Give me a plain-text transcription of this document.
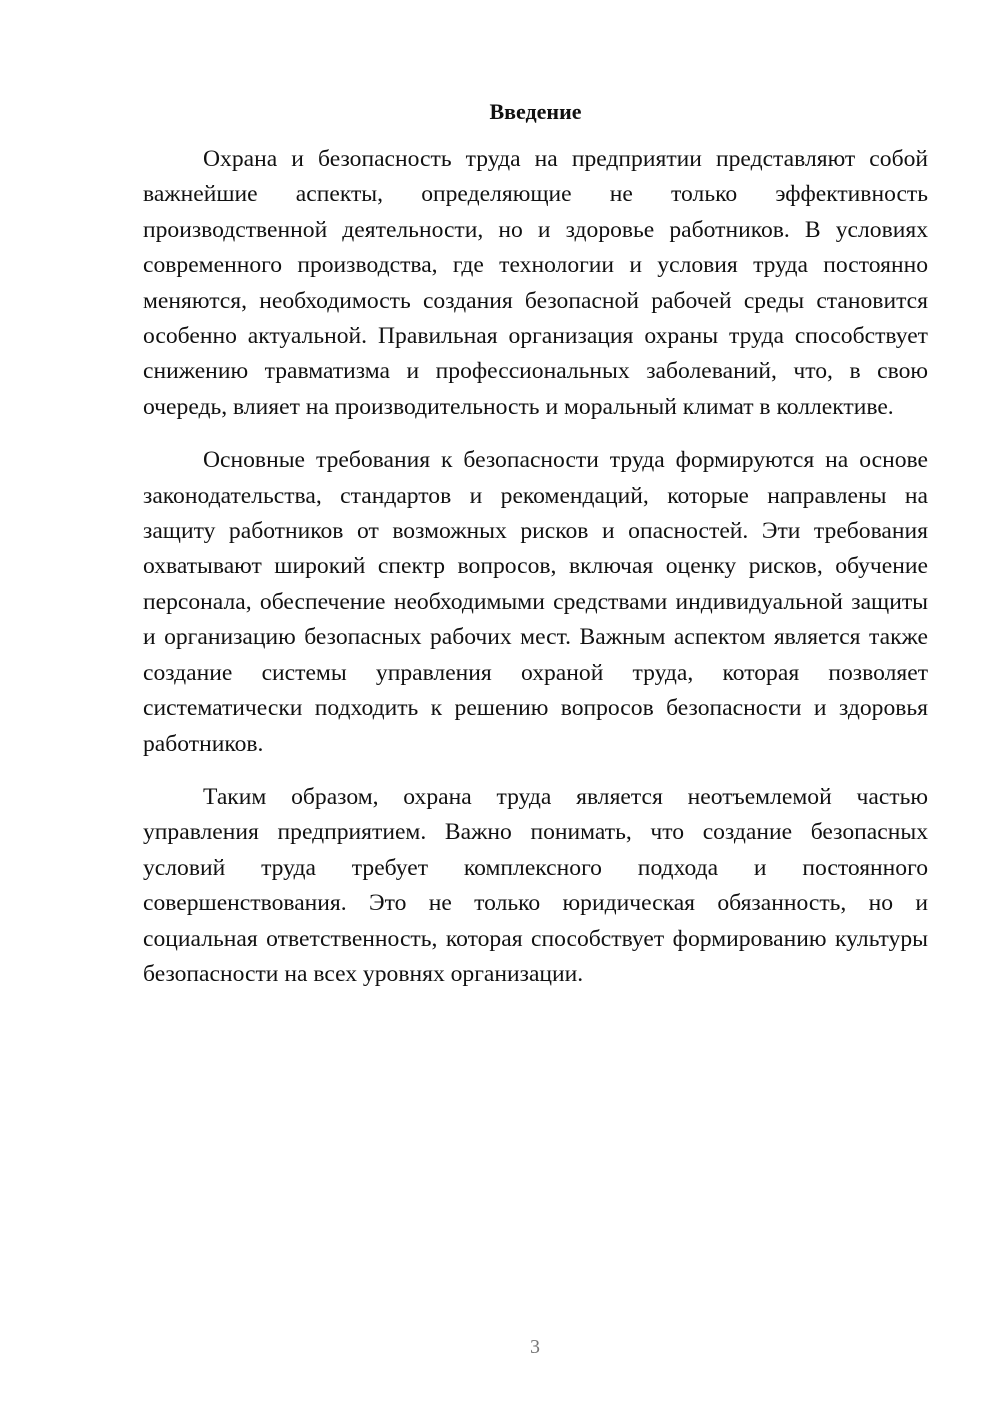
Введение

Охрана и безопасность труда на предприятии представляют собой важнейшие аспекты, определяющие не только эффективность производственной деятельности, но и здоровье работников. В условиях современного производства, где технологии и условия труда постоянно меняются, необходимость создания безопасной рабочей среды становится особенно актуальной. Правильная организация охраны труда способствует снижению травматизма и профессиональных заболеваний, что, в свою очередь, влияет на производительность и моральный климат в коллективе.

Основные требования к безопасности труда формируются на основе законодательства, стандартов и рекомендаций, которые направлены на защиту работников от возможных рисков и опасностей. Эти требования охватывают широкий спектр вопросов, включая оценку рисков, обучение персонала, обеспечение необходимыми средствами индивидуальной защиты и организацию безопасных рабочих мест. Важным аспектом является также создание системы управления охраной труда, которая позволяет систематически подходить к решению вопросов безопасности и здоровья работников.

Таким образом, охрана труда является неотъемлемой частью управления предприятием. Важно понимать, что создание безопасных условий труда требует комплексного подхода и постоянного совершенствования. Это не только юридическая обязанность, но и социальная ответственность, которая способствует формированию культуры безопасности на всех уровнях организации.

3
